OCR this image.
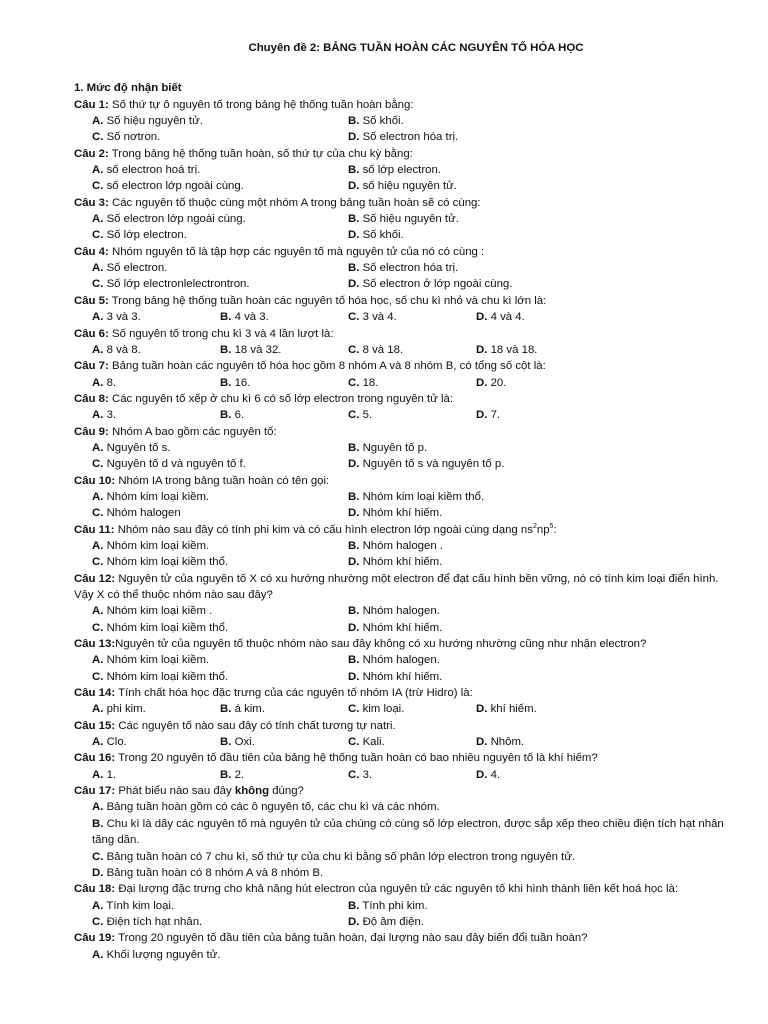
Chuyên đề 2: BẢNG TUẦN HOÀN CÁC NGUYÊN TỐ HÓA HỌC
1. Mức độ nhận biết
Câu 1: Số thứ tự ô nguyên tố trong bảng hệ thống tuần hoàn bằng:
A. Số hiệu nguyên tử.	B. Số khối.
C. Số nơtron.	D. Số electron hóa trị.
Câu 2: Trong bảng hệ thống tuần hoàn, số thứ tự của chu kỳ bằng:
A. số electron hoá trị.	B. số lớp electron.
C. số electron lớp ngoài cùng.	D. số hiệu nguyên tử.
Câu 3: Các nguyên tố thuộc cùng một nhóm A trong bảng tuần hoàn sẽ có cùng:
A. Số electron lớp ngoài cùng.	B. Số hiệu nguyên tử.
C. Số lớp electron.	D. Số khối.
Câu 4: Nhóm nguyên tố là tập hợp các nguyên tố mà nguyên tử của nó có cùng :
A. Số electron.	B. Số electron hóa trị.
C. Số lớp electronlelectrontron.	D. Số electron ở lớp ngoài cùng.
Câu 5: Trong bảng hệ thống tuần hoàn các nguyên tố hóa học, số chu kì nhỏ và chu kì lớn là:
A. 3 và 3.	B. 4 và 3.	C. 3 và 4.	D. 4 và 4.
Câu 6: Số nguyên tố trong chu kì 3 và 4 lần lượt là:
A. 8 và 8.	B. 18 và 32.	C. 8 và 18.	D. 18 và 18.
Câu 7: Bảng tuần hoàn các nguyên tố hóa học gồm 8 nhóm A và 8 nhóm B, có tổng số cột là:
A. 8.	B. 16.	C. 18.	D. 20.
Câu 8: Các nguyên tố xếp ở chu kì 6 có số lớp electron trong nguyên tử là:
A. 3.	B. 6.	C. 5.	D. 7.
Câu 9: Nhóm A bao gồm các nguyên tố:
A. Nguyên tố s.	B. Nguyên tố p.
C. Nguyên tố d và nguyên tố f.	D. Nguyên tố s và nguyên tố p.
Câu 10: Nhóm IA trong bảng tuần hoàn có tên gọi:
A. Nhóm kim loại kiềm.	B. Nhóm kim loại kiềm thổ.
C. Nhóm halogen	D. Nhóm khí hiếm.
Câu 11: Nhóm nào sau đây có tính phi kim và có cấu hình electron lớp ngoài cùng dạng $ns^2np^5$:
A. Nhóm kim loại kiềm.	B. Nhóm halogen .
C. Nhóm kim loại kiềm thổ.	D. Nhóm khí hiếm.
Câu 12: Nguyên tử của nguyên tố X có xu hướng nhường một electron để đạt cấu hình bền vững, nó có tính kim loại điển hình. Vậy X có thể thuộc nhóm nào sau đây?
A. Nhóm kim loại kiềm .	B. Nhóm halogen.
C. Nhóm kim loại kiềm thổ.	D. Nhóm khí hiếm.
Câu 13:Nguyên tử của nguyên tố thuộc nhóm nào sau đây không có xu hướng nhường cũng như nhận electron?
A. Nhóm kim loại kiềm.	B. Nhóm halogen.
C. Nhóm kim loại kiềm thổ.	D. Nhóm khí hiếm.
Câu 14: Tính chất hóa học đặc trưng của các nguyên tố nhóm IA (trừ Hidro) là:
A. phi kim.	B. á kim.	C. kim loại.	D. khí hiếm.
Câu 15: Các nguyên tố nào sau đây có tính chất tương tự natri.
A. Clo.	B. Oxi.	C. Kali.	D. Nhôm.
Câu 16: Trong 20 nguyên tố đầu tiên của bảng hệ thống tuần hoàn có bao nhiêu nguyên tố là khí hiếm?
A. 1.	B. 2.	C. 3.	D. 4.
Câu 17: Phát biểu nào sau đây không đúng?
A. Bảng tuần hoàn gồm có các ô nguyên tố, các chu kì và các nhóm.
B. Chu kì là dãy các nguyên tố mà nguyên tử của chúng có cùng số lớp electron, được sắp xếp theo chiều điện tích hạt nhân tăng dần.
C. Bảng tuần hoàn có 7 chu kì, số thứ tự của chu kì bằng số phân lớp electron trong nguyên tử.
D. Bảng tuần hoàn có 8 nhóm A và 8 nhóm B.
Câu 18: Đại lượng đặc trưng cho khả năng hút electron của nguyên tử các nguyên tố khi hình thành liên kết hoá học là:
A. Tính kim loại.	B. Tính phi kim.
C. Điện tích hạt nhân.	D. Độ âm điện.
Câu 19: Trong 20 nguyên tố đầu tiên của bảng tuần hoàn, đại lượng nào sau đây biến đổi tuần hoàn?
A. Khối lượng nguyên tử.
